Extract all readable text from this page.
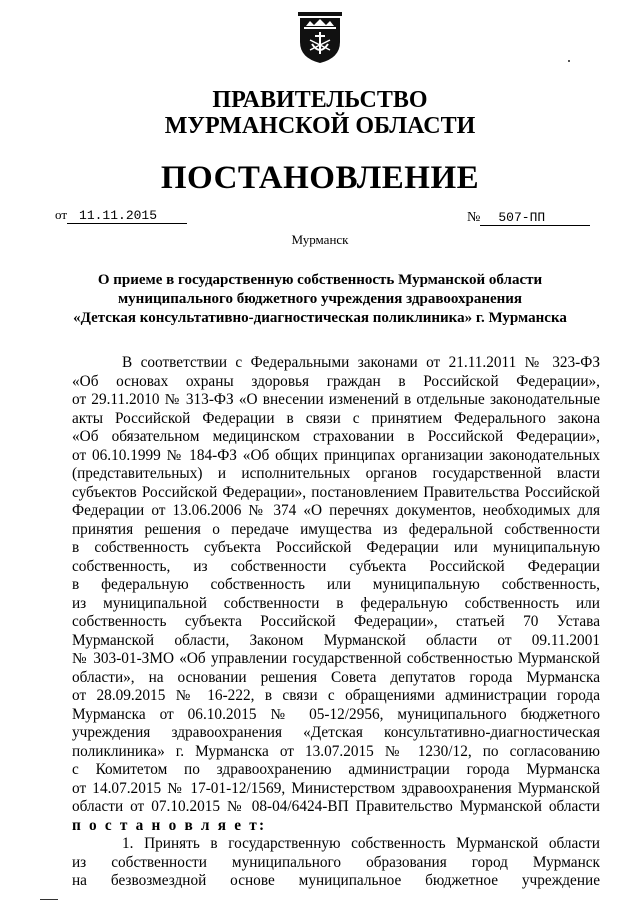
ПРАВИТЕЛЬСТВО
МУРМАНСКОЙ ОБЛАСТИ
ПОСТАНОВЛЕНИЕ
от 11.11.2015	№ 507-ПП
Мурманск
О приеме в государственную собственность Мурманской области
муниципального бюджетного учреждения здравоохранения
«Детская консультативно-диагностическая поликлиника» г. Мурманска
В соответствии с Федеральными законами от 21.11.2011 № 323-ФЗ
«Об основах охраны здоровья граждан в Российской Федерации»,
от 29.11.2010 № 313-ФЗ «О внесении изменений в отдельные законодательные
акты Российской Федерации в связи с принятием Федерального закона
«Об обязательном медицинском страховании в Российской Федерации»,
от 06.10.1999 № 184-ФЗ «Об общих принципах организации законодательных
(представительных) и исполнительных органов государственной власти
субъектов Российской Федерации», постановлением Правительства Российской
Федерации от 13.06.2006 № 374 «О перечнях документов, необходимых для
принятия решения о передаче имущества из федеральной собственности
в собственность субъекта Российской Федерации или муниципальную
собственность, из собственности субъекта Российской Федерации
в федеральную собственность или муниципальную собственность,
из муниципальной собственности в федеральную собственность или
собственность субъекта Российской Федерации», статьей 70 Устава
Мурманской области, Законом Мурманской области от 09.11.2001
№ 303-01-ЗМО «Об управлении государственной собственностью Мурманской
области», на основании решения Совета депутатов города Мурманска
от 28.09.2015 № 16-222, в связи с обращениями администрации города
Мурманска от 06.10.2015 № 05-12/2956, муниципального бюджетного
учреждения здравоохранения «Детская консультативно-диагностическая
поликлиника» г. Мурманска от 13.07.2015 № 1230/12, по согласованию
с Комитетом по здравоохранению администрации города Мурманска
от 14.07.2015 № 17-01-12/1569, Министерством здравоохранения Мурманской
области от 07.10.2015 № 08-04/6424-ВП Правительство Мурманской области
п о с т а н о в л я е т:
1. Принять в государственную собственность Мурманской области
из собственности муниципального образования город Мурманск
на безвозмездной основе муниципальное бюджетное учреждение
